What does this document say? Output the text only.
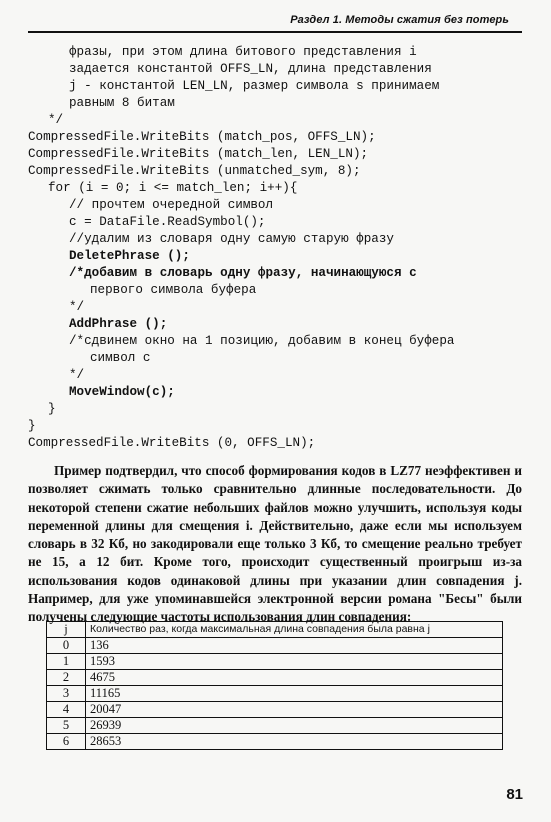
Раздел 1. Методы сжатия без потерь
фразы, при этом длина битового представления i
задается константой OFFS_LN, длина представления
j - константой LEN_LN, размер символа s принимаем
равным 8 битам
*/
CompressedFile.WriteBits (match_pos, OFFS_LN);
CompressedFile.WriteBits (match_len, LEN_LN);
CompressedFile.WriteBits (unmatched_sym, 8);
for (i = 0; i <= match_len; i++){
// прочтем очередной символ
c = DataFile.ReadSymbol();
//удалим из словаря одну самую старую фразу
DeletePhrase ();
/*добавим в словарь одну фразу, начинающуюся с
первого символа буфера
*/
AddPhrase ();
/*сдвинем окно на 1 позицию, добавим в конец буфера
символ c
*/
MoveWindow(c);
}
}
CompressedFile.WriteBits (0, OFFS_LN);

Пример подтвердил, что способ формирования кодов в LZ77 неэффективен и позволяет сжимать только сравнительно длинные последовательности. До некоторой степени сжатие небольших файлов можно улучшить, используя коды переменной длины для смещения i. Действительно, даже если мы используем словарь в 32 Кб, но закодировали еще только 3 Кб, то смещение реально требует не 15, а 12 бит. Кроме того, происходит существенный проигрыш из-за использования кодов одинаковой длины при указании длин совпадения j. Например, для уже упоминавшейся электронной версии романа "Бесы" были получены следующие частоты использования длин совпадения:

j	Количество раз, когда максимальная длина совпадения была равна j
0	136
1	1593
2	4675
3	11165
4	20047
5	26939
6	28653
81
